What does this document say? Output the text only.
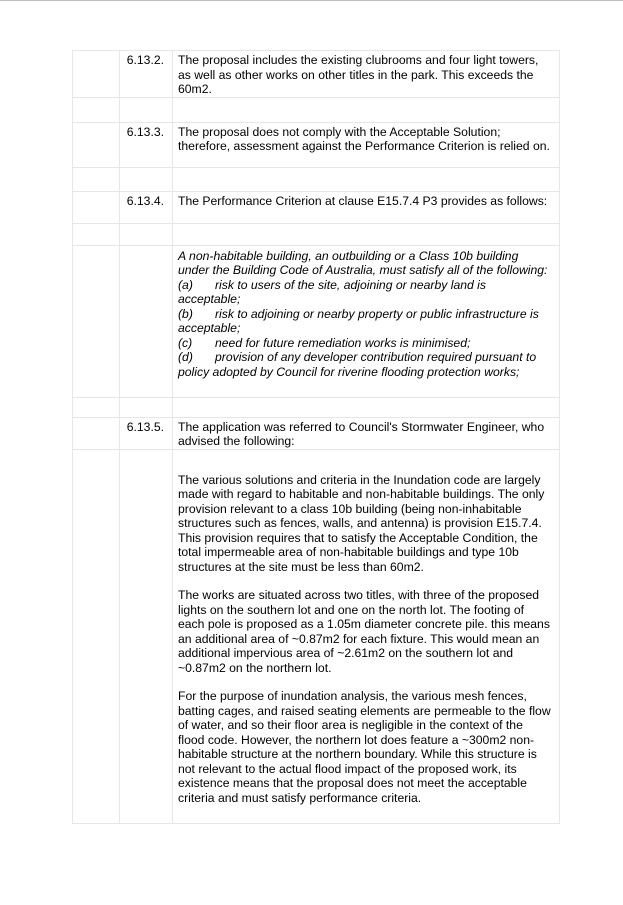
	6.13.2.	The proposal includes the existing clubrooms and four light towers, as well as other works on other titles in the park. This exceeds the 60m2.

	6.13.3.	The proposal does not comply with the Acceptable Solution; therefore, assessment against the Performance Criterion is relied on.

	6.13.4.	The Performance Criterion at clause E15.7.4 P3 provides as follows:

		A non-habitable building, an outbuilding or a Class 10b building under the Building Code of Australia, must satisfy all of the following:

(a) risk to users of the site, adjoining or nearby land is acceptable;

(b) risk to adjoining or nearby property or public infrastructure is acceptable;

(c) need for future remediation works is minimised;

(d) provision of any developer contribution required pursuant to policy adopted by Council for riverine flooding protection works;

	6.13.5.	The application was referred to Council's Stormwater Engineer, who advised the following:

		The various solutions and criteria in the Inundation code are largely made with regard to habitable and non-habitable buildings. The only provision relevant to a class 10b building (being non-inhabitable structures such as fences, walls, and antenna) is provision E15.7.4. This provision requires that to satisfy the Acceptable Condition, the total impermeable area of non-habitable buildings and type 10b structures at the site must be less than 60m2.

The works are situated across two titles, with three of the proposed lights on the southern lot and one on the north lot. The footing of each pole is proposed as a 1.05m diameter concrete pile. this means an additional area of ~0.87m2 for each fixture. This would mean an additional impervious area of ~2.61m2 on the southern lot and ~0.87m2 on the northern lot.

For the purpose of inundation analysis, the various mesh fences, batting cages, and raised seating elements are permeable to the flow of water, and so their floor area is negligible in the context of the flood code. However, the northern lot does feature a ~300m2 non-habitable structure at the northern boundary. While this structure is not relevant to the actual flood impact of the proposed work, its existence means that the proposal does not meet the acceptable criteria and must satisfy performance criteria.
